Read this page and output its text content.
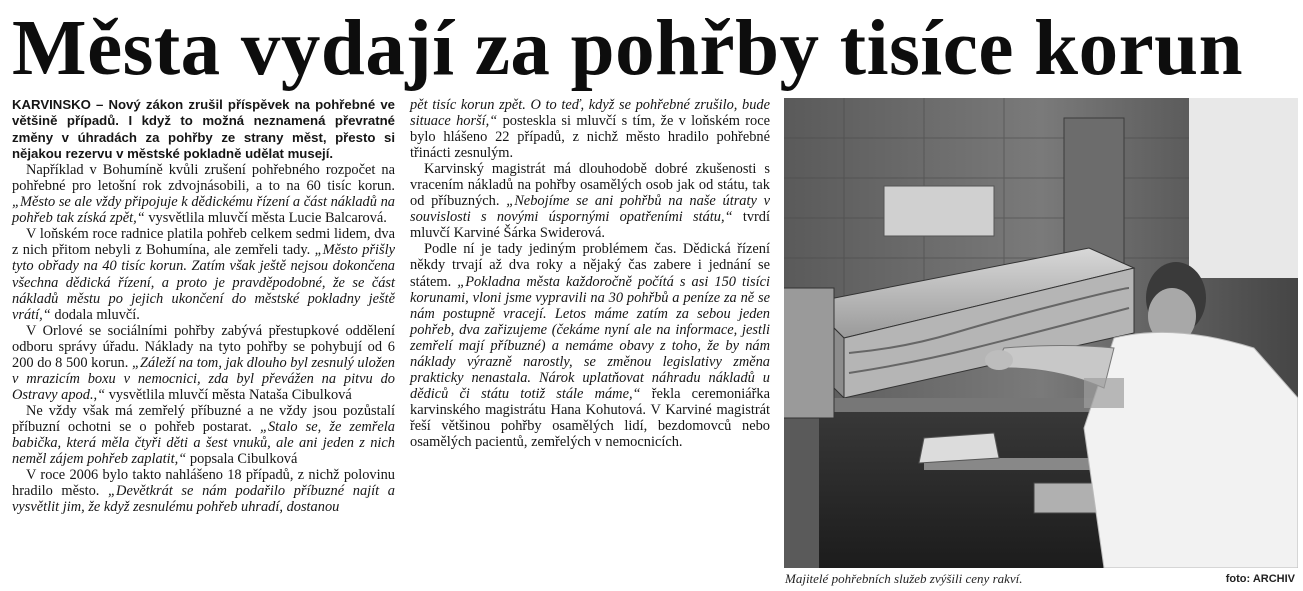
Města vydají za pohřby tisíce korun

KARVINSKO – Nový zákon zrušil příspěvek na pohřebné ve většině případů. I když to možná neznamená převratné změny v úhradách za pohřby ze strany měst, přesto si nějakou rezervu v městské pokladně udělat musejí.

Například v Bohumíně kvůli zrušení pohřebného rozpočet na pohřebné pro letošní rok zdvojnásobili, a to na 60 tisíc korun. „Město se ale vždy připojuje k dědickému řízení a část nákladů na pohřeb tak získá zpět,“ vysvětlila mluvčí města Lucie Balcarová.

V loňském roce radnice platila pohřeb celkem sedmi lidem, dva z nich přitom nebyli z Bohumína, ale zemřeli tady. „Město přišly tyto obřady na 40 tisíc korun. Zatím však ještě nejsou dokončena všechna dědická řízení, a proto je pravděpodobné, že se část nákladů městu po jejich ukončení do městské pokladny ještě vrátí,“ dodala mluvčí.

V Orlové se sociálními pohřby zabývá přestupkové oddělení odboru správy úřadu. Náklady na tyto pohřby se pohybují od 6 200 do 8 500 korun. „Záleží na tom, jak dlouho byl zesnulý uložen v mrazicím boxu v nemocnici, zda byl převážen na pitvu do Ostravy apod.,“ vysvětlila mluvčí města Nataša Cibulková

Ne vždy však má zemřelý příbuzné a ne vždy jsou pozůstalí příbuzní ochotni se o pohřeb postarat. „Stalo se, že zemřela babička, která měla čtyři děti a šest vnuků, ale ani jeden z nich neměl zájem pohřeb zaplatit,“ popsala Cibulková

V roce 2006 bylo takto nahlášeno 18 případů, z nichž polovinu hradilo město. „Devětkrát se nám podařilo příbuzné najít a vysvětlit jim, že když zesnulému pohřeb uhradí, dostanou

pět tisíc korun zpět. O to teď, když se pohřebné zrušilo, bude situace horší,“ posteskla si mluvčí s tím, že v loňském roce bylo hlášeno 22 případů, z nichž město hradilo pohřebné třinácti zesnulým.

Karvinský magistrát má dlouhodobě dobré zkušenosti s vracením nákladů na pohřby osamělých osob jak od státu, tak od příbuzných. „Nebojíme se ani pohřbů na naše útraty v souvislosti s novými úspornými opatřeními státu,“ tvrdí mluvčí Karviné Šárka Swiderová.

Podle ní je tady jediným problémem čas. Dědická řízení někdy trvají až dva roky a nějaký čas zabere i jednání se státem. „Pokladna města každoročně počítá s asi 150 tisíci korunami, vloni jsme vypravili na 30 pohřbů a peníze za ně se nám postupně vracejí. Letos máme zatím za sebou jeden pohřeb, dva zařizujeme (čekáme nyní ale na informace, jestli zemřelí mají příbuzné) a nemáme obavy z toho, že by nám náklady výrazně narostly, se změnou legislativy změna prakticky nenastala. Nárok uplatňovat náhradu nákladů u dědiců či státu totiž stále máme,“ řekla ceremoniářka karvinského magistrátu Hana Kohutová. V Karviné magistrát řeší většinou pohřby osamělých lidí, bezdomovců nebo osamělých pacientů, zemřelých v nemocnicích.

Majitelé pohřebních služeb zvýšili ceny rakví.	foto: ARCHIV
